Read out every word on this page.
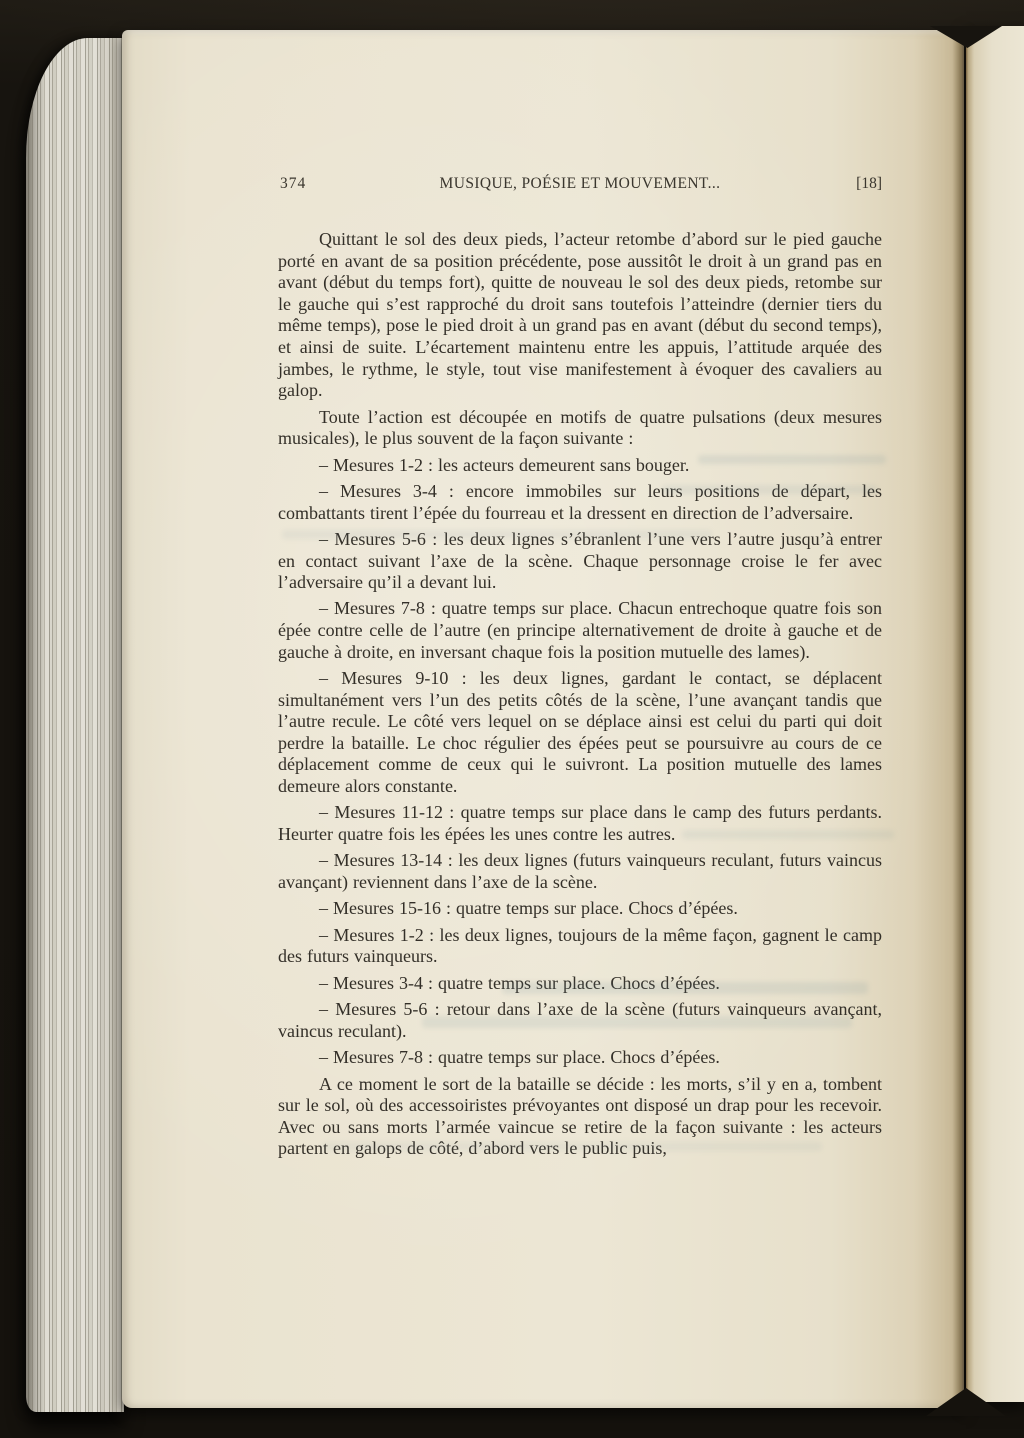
374	MUSIQUE, POÉSIE ET MOUVEMENT...	[18]

Quittant le sol des deux pieds, l’acteur retombe d’abord sur le pied gauche porté en avant de sa position précédente, pose aussitôt le droit à un grand pas en avant (début du temps fort), quitte de nouveau le sol des deux pieds, retombe sur le gauche qui s’est rapproché du droit sans toutefois l’atteindre (dernier tiers du même temps), pose le pied droit à un grand pas en avant (début du second temps), et ainsi de suite. L’écartement maintenu entre les appuis, l’attitude arquée des jambes, le rythme, le style, tout vise manifestement à évoquer des cavaliers au galop.

Toute l’action est découpée en motifs de quatre pulsations (deux mesures musicales), le plus souvent de la façon suivante :

– Mesures 1-2 : les acteurs demeurent sans bouger.

– Mesures 3-4 : encore immobiles sur leurs positions de départ, les combattants tirent l’épée du fourreau et la dressent en direction de l’adversaire.

– Mesures 5-6 : les deux lignes s’ébranlent l’une vers l’autre jusqu’à entrer en contact suivant l’axe de la scène. Chaque personnage croise le fer avec l’adversaire qu’il a devant lui.

– Mesures 7-8 : quatre temps sur place. Chacun entrechoque quatre fois son épée contre celle de l’autre (en principe alternativement de droite à gauche et de gauche à droite, en inversant chaque fois la position mutuelle des lames).

– Mesures 9-10 : les deux lignes, gardant le contact, se déplacent simultanément vers l’un des petits côtés de la scène, l’une avançant tandis que l’autre recule. Le côté vers lequel on se déplace ainsi est celui du parti qui doit perdre la bataille. Le choc régulier des épées peut se poursuivre au cours de ce déplacement comme de ceux qui le suivront. La position mutuelle des lames demeure alors constante.

– Mesures 11-12 : quatre temps sur place dans le camp des futurs perdants. Heurter quatre fois les épées les unes contre les autres.

– Mesures 13-14 : les deux lignes (futurs vainqueurs reculant, futurs vaincus avançant) reviennent dans l’axe de la scène.

– Mesures 15-16 : quatre temps sur place. Chocs d’épées.

– Mesures 1-2 : les deux lignes, toujours de la même façon, gagnent le camp des futurs vainqueurs.

– Mesures 3-4 : quatre temps sur place. Chocs d’épées.

– Mesures 5-6 : retour dans l’axe de la scène (futurs vainqueurs avançant, vaincus reculant).

– Mesures 7-8 : quatre temps sur place. Chocs d’épées.

A ce moment le sort de la bataille se décide : les morts, s’il y en a, tombent sur le sol, où des accessoiristes prévoyantes ont disposé un drap pour les recevoir. Avec ou sans morts l’armée vaincue se retire de la façon suivante : les acteurs partent en galops de côté, d’abord vers le public puis,
